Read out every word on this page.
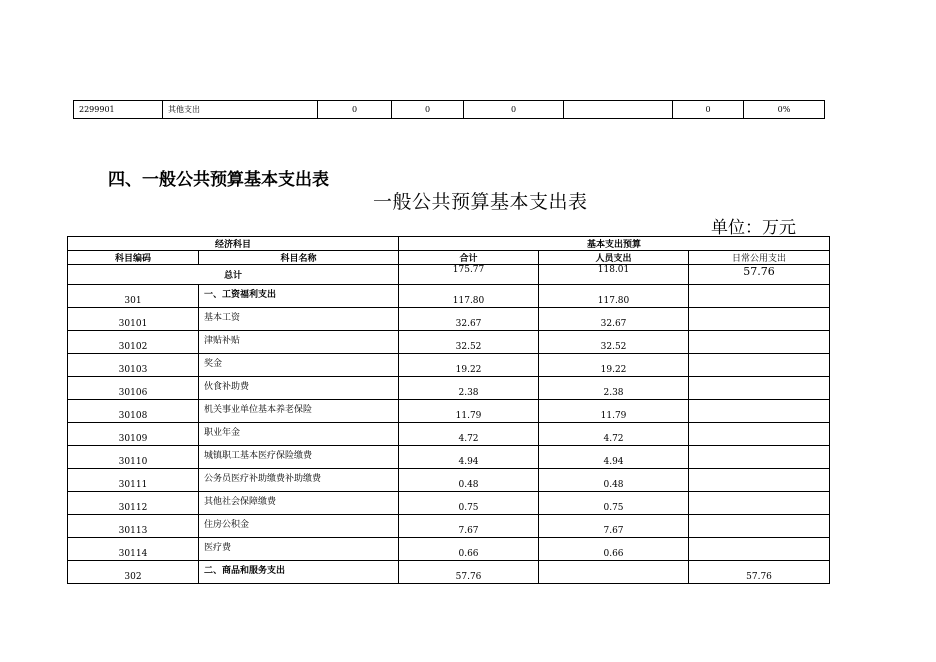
2299901	其他支出	0	0	0		0	0%
四、一般公共预算基本支出表
一般公共预算基本支出表
单位：万元
经济科目		基本支出预算		
科目编码	科目名称	合计	人员支出	日常公用支出
总计		175.77	118.01	57.76
301	一、工资福利支出	117.80	117.80	
30101	基本工资	32.67	32.67	
30102	津贴补贴	32.52	32.52	
30103	奖金	19.22	19.22	
30106	伙食补助费	2.38	2.38	
30108	机关事业单位基本养老保险	11.79	11.79	
30109	职业年金	4.72	4.72	
30110	城镇职工基本医疗保险缴费	4.94	4.94	
30111	公务员医疗补助缴费补助缴费	0.48	0.48	
30112	其他社会保障缴费	0.75	0.75	
30113	住房公积金	7.67	7.67	
30114	医疗费	0.66	0.66	
302	二、商品和服务支出	57.76		57.76
